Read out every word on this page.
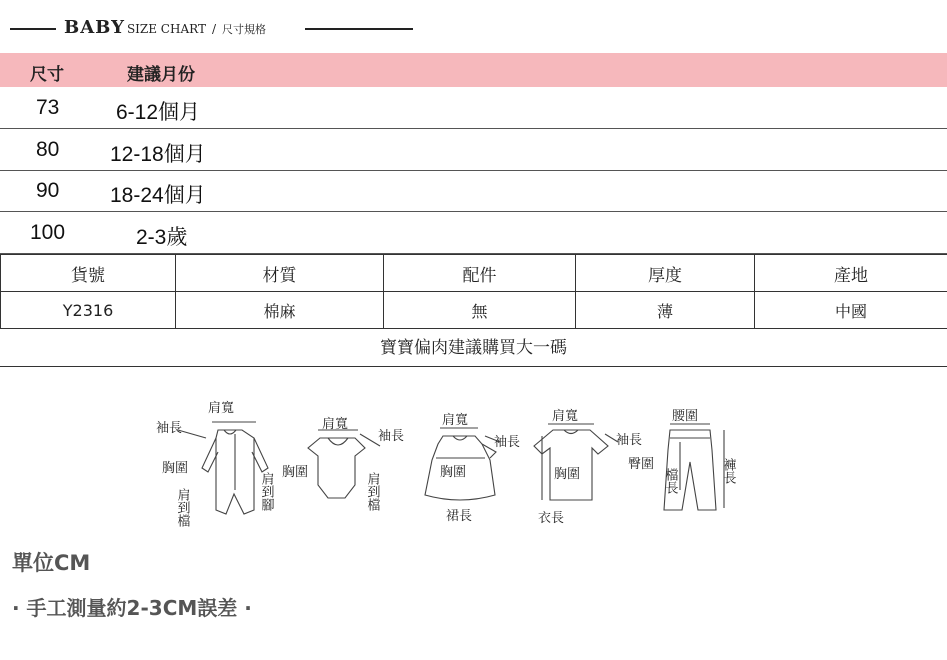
BABY SIZE CHART / 尺寸規格
尺寸	建議月份
73	6-12個月
80 12-18個月
90 18-24個月
100	2-3歲
貨號	材質	配件	厚度	產地
Y2316	棉麻	無	薄	中國
寶寶偏肉建議購買大一碼
肩寬
袖長
胸圍
肩到檔	肩到腳
肩寬
袖長
胸圍	肩到檔
肩寬
袖長
胸圍
裙長
肩寬
袖長
胸圍
衣長
腰圍
臀圍
檔長	褲長
單位CM
· 手工測量約2-3CM誤差 ·
